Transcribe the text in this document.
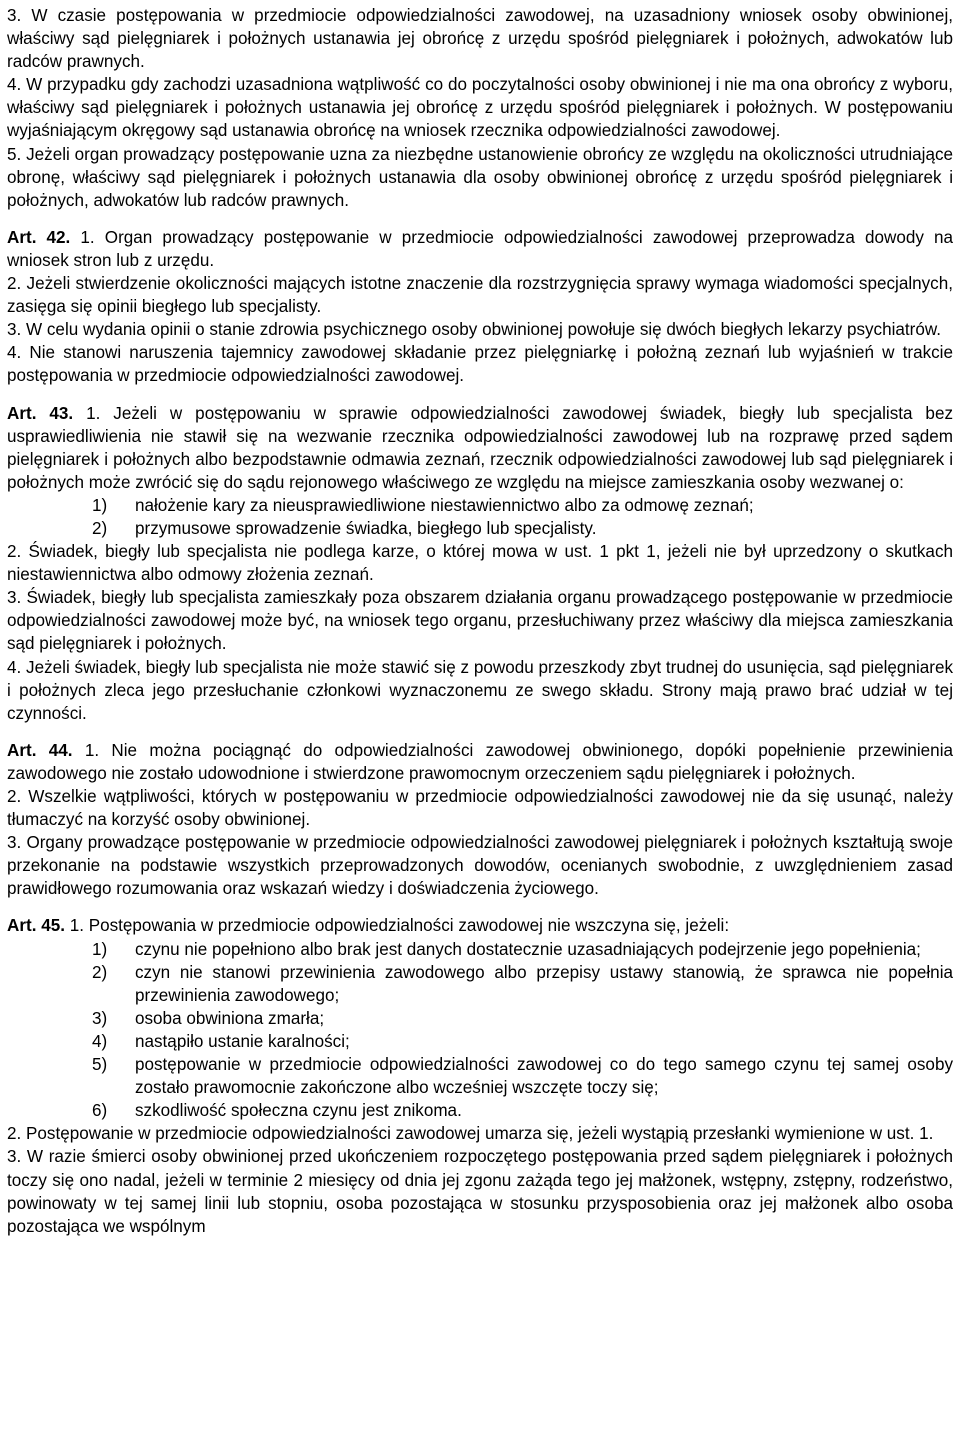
3. W czasie postępowania w przedmiocie odpowiedzialności zawodowej, na uzasadniony wniosek osoby obwinionej, właściwy sąd pielęgniarek i położnych ustanawia jej obrońcę z urzędu spośród pielęgniarek i położnych, adwokatów lub radców prawnych.

4. W przypadku gdy zachodzi uzasadniona wątpliwość co do poczytalności osoby obwinionej i nie ma ona obrońcy z wyboru, właściwy sąd pielęgniarek i położnych ustanawia jej obrońcę z urzędu spośród pielęgniarek i położnych. W postępowaniu wyjaśniającym okręgowy sąd ustanawia obrońcę na wniosek rzecznika odpowiedzialności zawodowej.

5. Jeżeli organ prowadzący postępowanie uzna za niezbędne ustanowienie obrońcy ze względu na okoliczności utrudniające obronę, właściwy sąd pielęgniarek i położnych ustanawia dla osoby obwinionej obrońcę z urzędu spośród pielęgniarek i położnych, adwokatów lub radców prawnych.

Art. 42. 1. Organ prowadzący postępowanie w przedmiocie odpowiedzialności zawodowej przeprowadza dowody na wniosek stron lub z urzędu.

2. Jeżeli stwierdzenie okoliczności mających istotne znaczenie dla rozstrzygnięcia sprawy wymaga wiadomości specjalnych, zasięga się opinii biegłego lub specjalisty.

3. W celu wydania opinii o stanie zdrowia psychicznego osoby obwinionej powołuje się dwóch biegłych lekarzy psychiatrów.

4. Nie stanowi naruszenia tajemnicy zawodowej składanie przez pielęgniarkę i położną zeznań lub wyjaśnień w trakcie postępowania w przedmiocie odpowiedzialności zawodowej.

Art. 43. 1. Jeżeli w postępowaniu w sprawie odpowiedzialności zawodowej świadek, biegły lub specjalista bez usprawiedliwienia nie stawił się na wezwanie rzecznika odpowiedzialności zawodowej lub na rozprawę przed sądem pielęgniarek i położnych albo bezpodstawnie odmawia zeznań, rzecznik odpowiedzialności zawodowej lub sąd pielęgniarek i położnych może zwrócić się do sądu rejonowego właściwego ze względu na miejsce zamieszkania osoby wezwanej o:

1)	nałożenie kary za nieusprawiedliwione niestawiennictwo albo za odmowę zeznań;
2)	przymusowe sprowadzenie świadka, biegłego lub specjalisty.

2. Świadek, biegły lub specjalista nie podlega karze, o której mowa w ust. 1 pkt 1, jeżeli nie był uprzedzony o skutkach niestawiennictwa albo odmowy złożenia zeznań.

3. Świadek, biegły lub specjalista zamieszkały poza obszarem działania organu prowadzącego postępowanie w przedmiocie odpowiedzialności zawodowej może być, na wniosek tego organu, przesłuchiwany przez właściwy dla miejsca zamieszkania sąd pielęgniarek i położnych.

4. Jeżeli świadek, biegły lub specjalista nie może stawić się z powodu przeszkody zbyt trudnej do usunięcia, sąd pielęgniarek i położnych zleca jego przesłuchanie członkowi wyznaczonemu ze swego składu. Strony mają prawo brać udział w tej czynności.

Art. 44. 1. Nie można pociągnąć do odpowiedzialności zawodowej obwinionego, dopóki popełnienie przewinienia zawodowego nie zostało udowodnione i stwierdzone prawomocnym orzeczeniem sądu pielęgniarek i położnych.

2. Wszelkie wątpliwości, których w postępowaniu w przedmiocie odpowiedzialności zawodowej nie da się usunąć, należy tłumaczyć na korzyść osoby obwinionej.

3. Organy prowadzące postępowanie w przedmiocie odpowiedzialności zawodowej pielęgniarek i położnych kształtują swoje przekonanie na podstawie wszystkich przeprowadzonych dowodów, ocenianych swobodnie, z uwzględnieniem zasad prawidłowego rozumowania oraz wskazań wiedzy i doświadczenia życiowego.

Art. 45. 1. Postępowania w przedmiocie odpowiedzialności zawodowej nie wszczyna się, jeżeli:

1)	czynu nie popełniono albo brak jest danych dostatecznie uzasadniających podejrzenie jego popełnienia;
2)	czyn nie stanowi przewinienia zawodowego albo przepisy ustawy stanowią, że sprawca nie popełnia przewinienia zawodowego;
3)	osoba obwiniona zmarła;
4)	nastąpiło ustanie karalności;
5)	postępowanie w przedmiocie odpowiedzialności zawodowej co do tego samego czynu tej samej osoby zostało prawomocnie zakończone albo wcześniej wszczęte toczy się;
6)	szkodliwość społeczna czynu jest znikoma.

2. Postępowanie w przedmiocie odpowiedzialności zawodowej umarza się, jeżeli wystąpią przesłanki wymienione w ust. 1.

3. W razie śmierci osoby obwinionej przed ukończeniem rozpoczętego postępowania przed sądem pielęgniarek i położnych toczy się ono nadal, jeżeli w terminie 2 miesięcy od dnia jej zgonu zażąda tego jej małżonek, wstępny, zstępny, rodzeństwo, powinowaty w tej samej linii lub stopniu, osoba pozostająca w stosunku przysposobienia oraz jej małżonek albo osoba pozostająca we wspólnym
